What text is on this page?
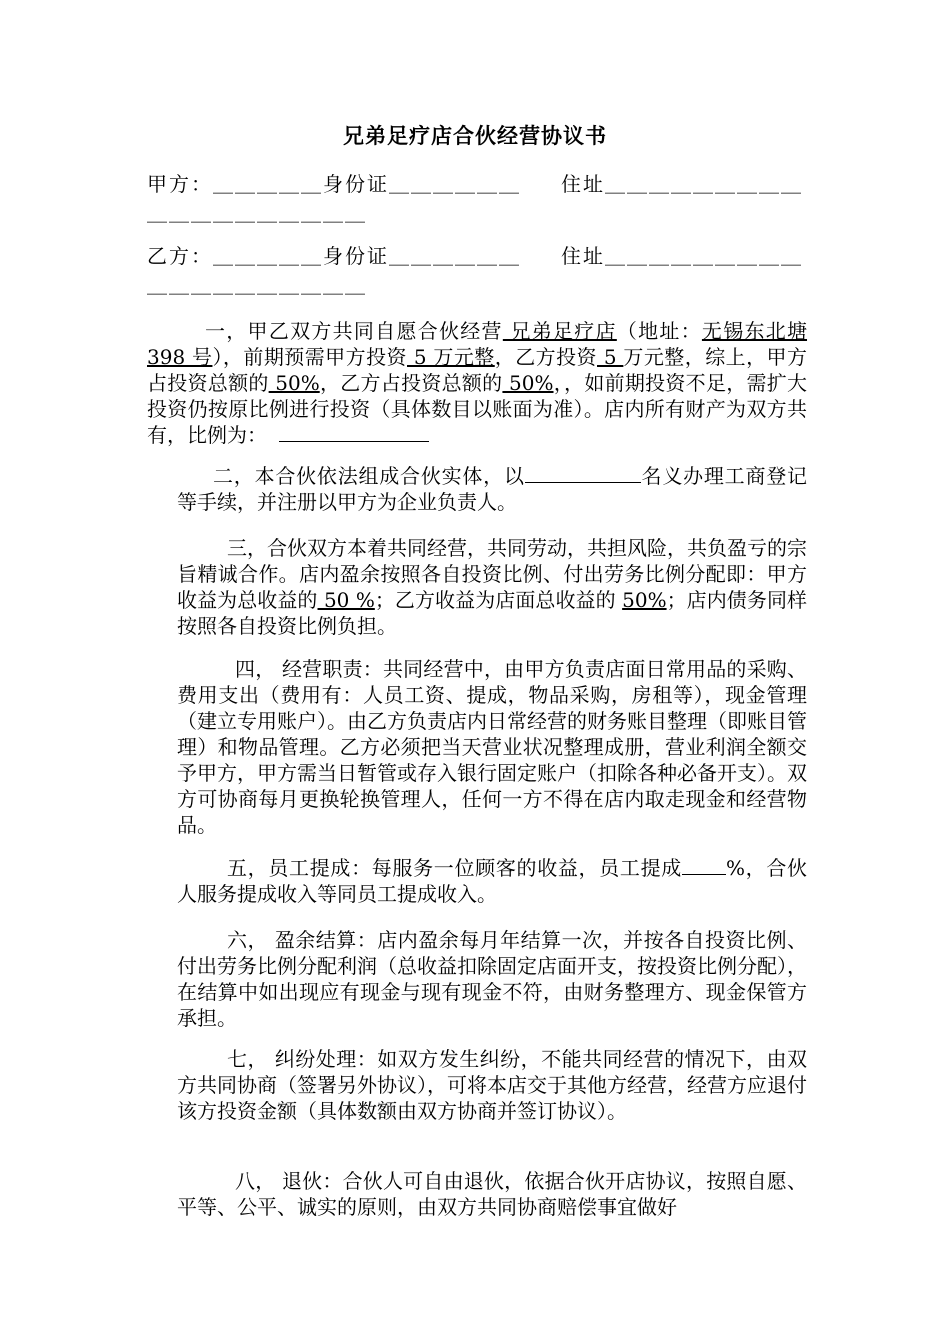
兄弟足疗店合伙经营协议书
甲方：＿＿＿＿＿身份证＿＿＿＿＿＿ 住址＿＿＿＿＿＿＿＿＿＿＿＿＿＿＿＿＿＿＿
乙方：＿＿＿＿＿身份证＿＿＿＿＿＿ 住址＿＿＿＿＿＿＿＿＿＿＿＿＿＿＿＿＿＿＿
一，甲乙双方共同自愿合伙经营 兄弟足疗店（地址：无锡东北塘 398 号），前期预需甲方投资 5 万元整，乙方投资 5 万元整，综上，甲方占投资总额的 50%，乙方占投资总额的 50%，，如前期投资不足，需扩大投资仍按原比例进行投资（具体数目以账面为准）。店内所有财产为双方共有，比例为：
二，本合伙依法组成合伙实体，以	名义办理工商登记等手续，并注册以甲方为企业负责人。
三，合伙双方本着共同经营，共同劳动，共担风险，共负盈亏的宗旨精诚合作。店内盈余按照各自投资比例、付出劳务比例分配即：甲方收益为总收益的 50 %；乙方收益为店面总收益的 50%；店内债务同样按照各自投资比例负担。
四， 经营职责：共同经营中，由甲方负责店面日常用品的采购、费用支出（费用有：人员工资、提成，物品采购，房租等），现金管理（建立专用账户）。由乙方负责店内日常经营的财务账目整理（即账目管理）和物品管理。乙方必须把当天营业状况整理成册，营业利润全额交予甲方，甲方需当日暂管或存入银行固定账户（扣除各种必备开支）。双方可协商每月更换轮换管理人，任何一方不得在店内取走现金和经营物品。
五，员工提成：每服务一位顾客的收益，员工提成 %，合伙人服务提成收入等同员工提成收入。
六， 盈余结算：店内盈余每月年结算一次，并按各自投资比例、付出劳务比例分配利润（总收益扣除固定店面开支，按投资比例分配），在结算中如出现应有现金与现有现金不符，由财务整理方、现金保管方承担。
七， 纠纷处理：如双方发生纠纷，不能共同经营的情况下，由双方共同协商（签署另外协议），可将本店交于其他方经营，经营方应退付该方投资金额（具体数额由双方协商并签订协议）。
八， 退伙：合伙人可自由退伙，依据合伙开店协议，按照自愿、平等、公平、诚实的原则，由双方共同协商赔偿事宜做好
